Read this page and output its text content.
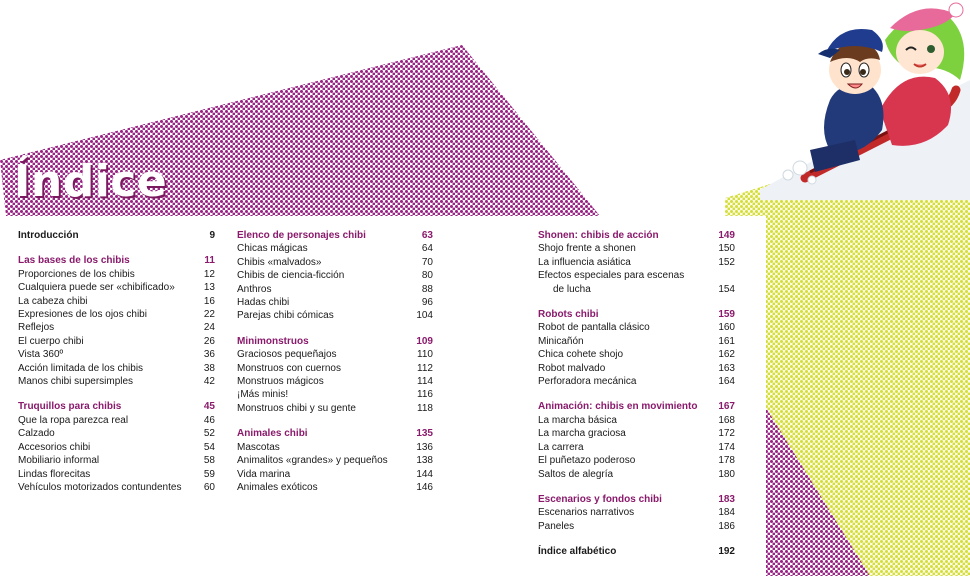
Índice
Introducción	9
Las bases de los chibis	11
Proporciones de los chibis	12
Cualquiera puede ser «chibificado»	13
La cabeza chibi	16
Expresiones de los ojos chibi	22
Reflejos	24
El cuerpo chibi	26
Vista 360º	36
Acción limitada de los chibis	38
Manos chibi supersimples	42
Truquillos para chibis	45
Que la ropa parezca real	46
Calzado	52
Accesorios chibi	54
Mobiliario informal	58
Lindas florecitas	59
Vehículos motorizados contundentes	60
Elenco de personajes chibi	63
Chicas mágicas	64
Chibis «malvados»	70
Chibis de ciencia-ficción	80
Anthros	88
Hadas chibi	96
Parejas chibi cómicas	104
Minimonstruos	109
Graciosos pequeñajos	110
Monstruos con cuernos	112
Monstruos mágicos	114
¡Más minis!	116
Monstruos chibi y su gente	118
Animales chibi	135
Mascotas	136
Animalitos «grandes» y pequeños	138
Vida marina	144
Animales exóticos	146
Shonen: chibis de acción	149
Shojo frente a shonen	150
La influencia asiática	152
Efectos especiales para escenas
de lucha	154
Robots chibi	159
Robot de pantalla clásico	160
Minicañón	161
Chica cohete shojo	162
Robot malvado	163
Perforadora mecánica	164
Animación: chibis en movimiento	167
La marcha básica	168
La marcha graciosa	172
La carrera	174
El puñetazo poderoso	178
Saltos de alegría	180
Escenarios y fondos chibi	183
Escenarios narrativos	184
Paneles	186
Índice alfabético	192
